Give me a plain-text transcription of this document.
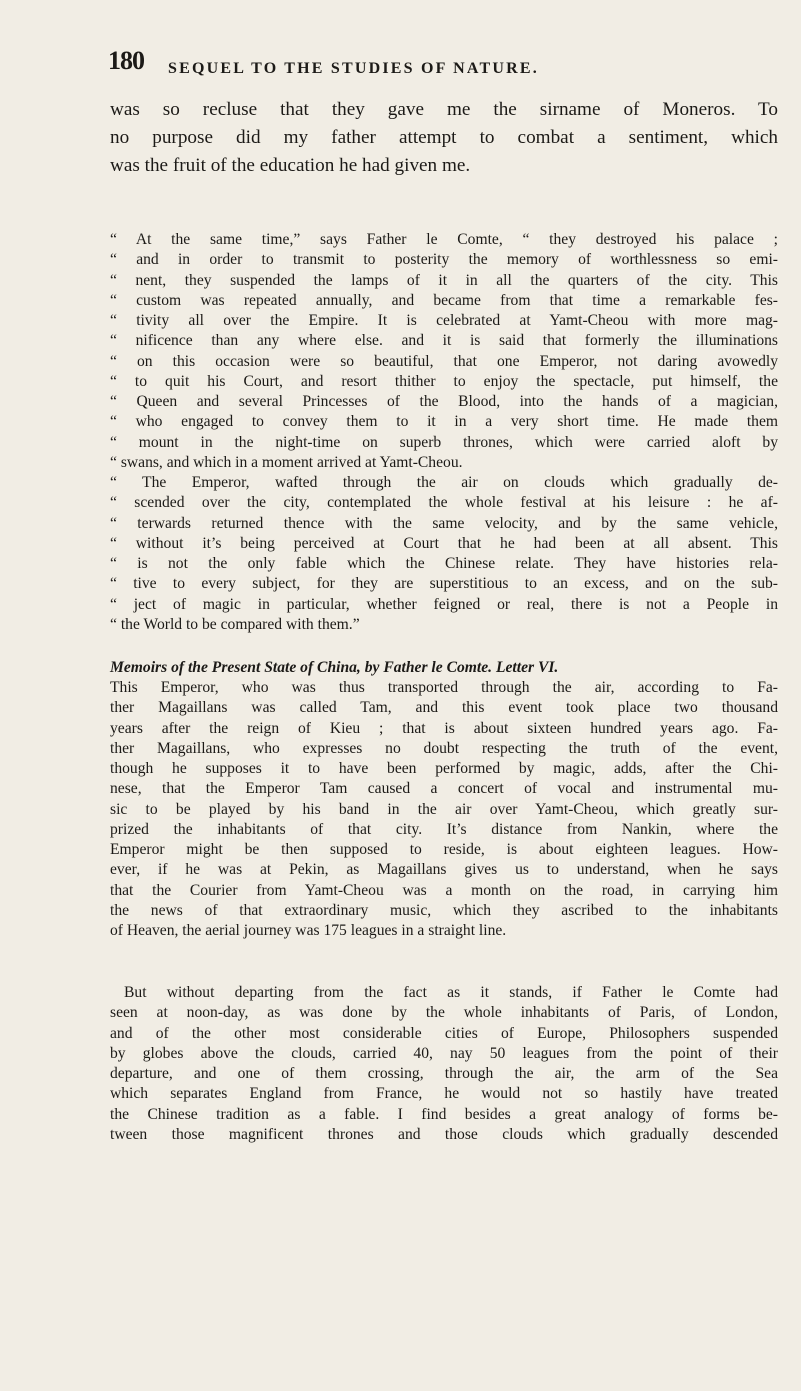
180 SEQUEL TO THE STUDIES OF NATURE.
was so recluse that they gave me the sirname of Moneros. To
no purpose did my father attempt to combat a sentiment, which
was the fruit of the education he had given me.
“ At the same time,” says Father le Comte, “ they destroyed his palace ;
“ and in order to transmit to posterity the memory of worthlessness so emi-
“ nent, they suspended the lamps of it in all the quarters of the city. This
“ custom was repeated annually, and became from that time a remarkable fes-
“ tivity all over the Empire. It is celebrated at Yamt-Cheou with more mag-
“ nificence than any where else. and it is said that formerly the illuminations
“ on this occasion were so beautiful, that one Emperor, not daring avowedly
“ to quit his Court, and resort thither to enjoy the spectacle, put himself, the
“ Queen and several Princesses of the Blood, into the hands of a magician,
“ who engaged to convey them to it in a very short time. He made them
“ mount in the night-time on superb thrones, which were carried aloft by
“ swans, and which in a moment arrived at Yamt-Cheou.
“ The Emperor, wafted through the air on clouds which gradually de-
“ scended over the city, contemplated the whole festival at his leisure : he af-
“ terwards returned thence with the same velocity, and by the same vehicle,
“ without it’s being perceived at Court that he had been at all absent. This
“ is not the only fable which the Chinese relate. They have histories rela-
“ tive to every subject, for they are superstitious to an excess, and on the sub-
“ ject of magic in particular, whether feigned or real, there is not a People in
“ the World to be compared with them.”
Memoirs of the Present State of China, by Father le Comte. Letter VI.
This Emperor, who was thus transported through the air, according to Fa-
ther Magaillans was called Tam, and this event took place two thousand
years after the reign of Kieu ; that is about sixteen hundred years ago. Fa-
ther Magaillans, who expresses no doubt respecting the truth of the event,
though he supposes it to have been performed by magic, adds, after the Chi-
nese, that the Emperor Tam caused a concert of vocal and instrumental mu-
sic to be played by his band in the air over Yamt-Cheou, which greatly sur-
prized the inhabitants of that city. It’s distance from Nankin, where the
Emperor might be then supposed to reside, is about eighteen leagues. How-
ever, if he was at Pekin, as Magaillans gives us to understand, when he says
that the Courier from Yamt-Cheou was a month on the road, in carrying him
the news of that extraordinary music, which they ascribed to the inhabitants
of Heaven, the aerial journey was 175 leagues in a straight line.
But without departing from the fact as it stands, if Father le Comte had
seen at noon-day, as was done by the whole inhabitants of Paris, of London,
and of the other most considerable cities of Europe, Philosophers suspended
by globes above the clouds, carried 40, nay 50 leagues from the point of their
departure, and one of them crossing, through the air, the arm of the Sea
which separates England from France, he would not so hastily have treated
the Chinese tradition as a fable. I find besides a great analogy of forms be-
tween those magnificent thrones and those clouds which gradually descended
